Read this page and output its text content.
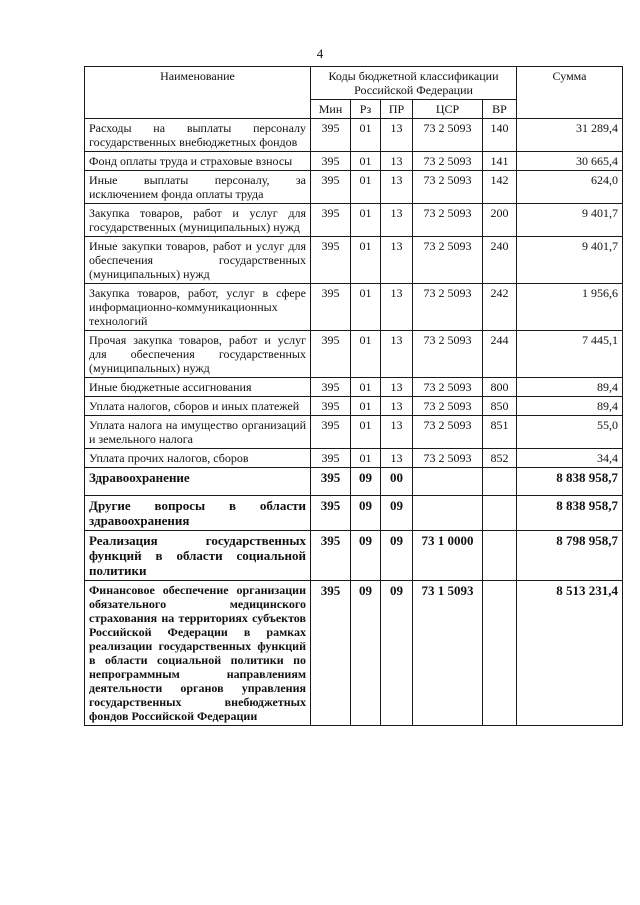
4
Наименование	Коды бюджетной классификации Российской Федерации					Сумма
	Мин	Рз	ПР	ЦСР	ВР	
Расходы на выплаты персоналу государственных внебюджетных фондов	395	01	13	73 2 5093	140	31 289,4
Фонд оплаты труда и страховые взносы	395	01	13	73 2 5093	141	30 665,4
Иные выплаты персоналу, за исключением фонда оплаты труда	395	01	13	73 2 5093	142	624,0
Закупка товаров, работ и услуг для государственных (муниципальных) нужд	395	01	13	73 2 5093	200	9 401,7
Иные закупки товаров, работ и услуг для обеспечения государственных (муниципальных) нужд	395	01	13	73 2 5093	240	9 401,7
Закупка товаров, работ, услуг в сфере информационно-коммуникационных технологий	395	01	13	73 2 5093	242	1 956,6
Прочая закупка товаров, работ и услуг для обеспечения государственных (муниципальных) нужд	395	01	13	73 2 5093	244	7 445,1
Иные бюджетные ассигнования	395	01	13	73 2 5093	800	89,4
Уплата налогов, сборов и иных платежей	395	01	13	73 2 5093	850	89,4
Уплата налога на имущество организаций и земельного налога	395	01	13	73 2 5093	851	55,0
Уплата прочих налогов, сборов	395	01	13	73 2 5093	852	34,4
Здравоохранение	395	09	00			8 838 958,7
Другие вопросы в области здравоохранения	395	09	09			8 838 958,7
Реализация государственных функций в области социальной политики	395	09	09	73 1 0000		8 798 958,7
Финансовое обеспечение организации обязательного медицинского страхования на территориях субъектов Российской Федерации в рамках реализации государственных функций в области социальной политики по непрограммным направлениям деятельности органов управления государственных внебюджетных фондов Российской Федерации	395	09	09	73 1 5093		8 513 231,4
